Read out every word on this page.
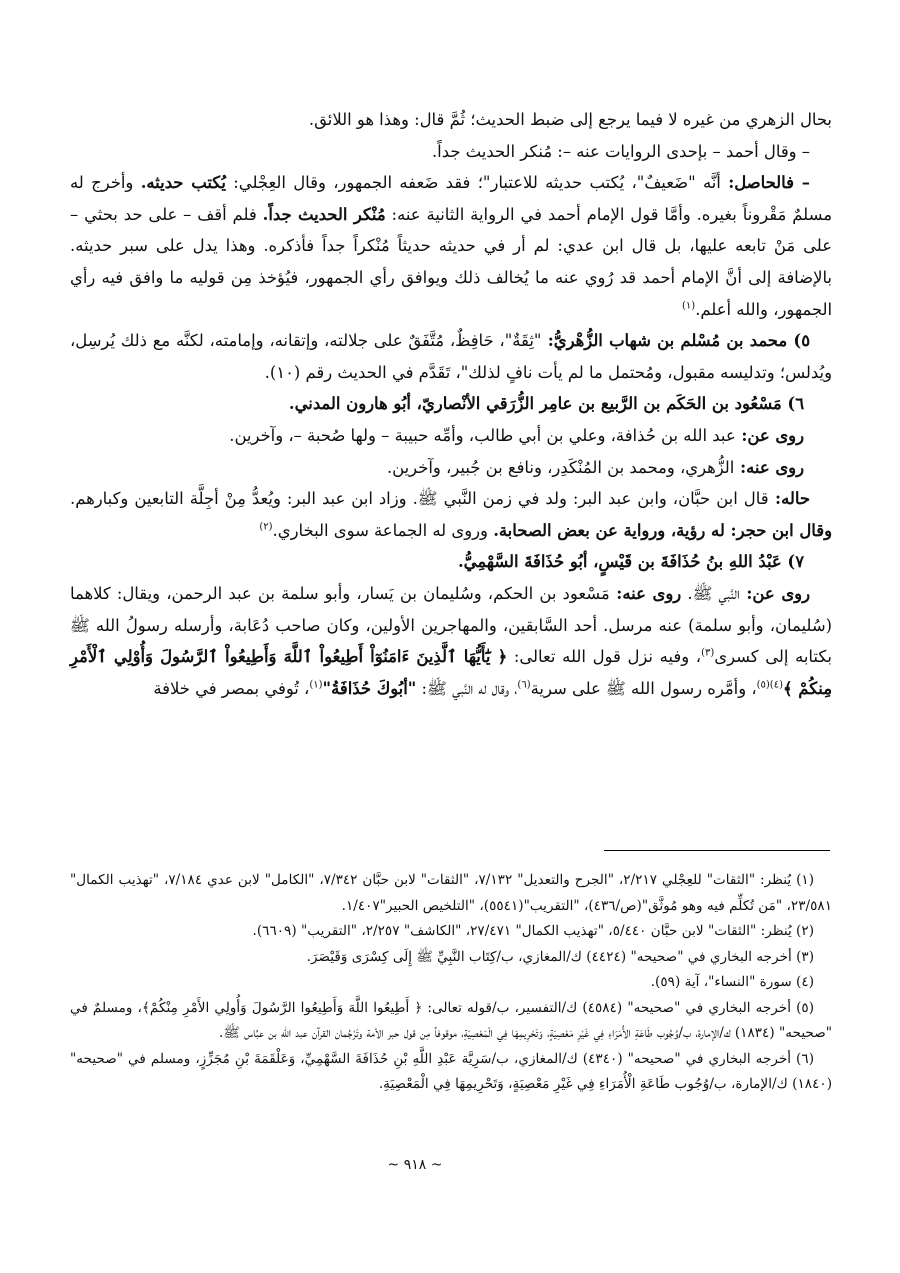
بحال الزهري من غيره لا فيما يرجع إلى ضبط الحديث؛ ثُمَّ قال: وهذا هو اللائق.

– وقال أحمد – بإحدى الروايات عنه –: مُنكر الحديث جداً.

– فالحاصل: أنَّه "ضَعيفٌ"، يُكتب حديثه للاعتبار"؛ فقد ضَعفه الجمهور، وقال العِجْلي: يُكتب حديثه. وأخرج له مسلمٌ مَقْروناً بغيره. وأمَّا قول الإمام أحمد في الرواية الثانية عنه: مُنْكر الحديث جداً. فلم أقف – على حد بحثي – على مَنْ تابعه عليها، بل قال ابن عدي: لم أر في حديثه حديثاً مُنْكراً جداً فأذكره. وهذا يدل على سبر حديثه. بالإضافة إلى أنَّ الإمام أحمد قد رُوي عنه ما يُخالف ذلك ويوافق رأي الجمهور، فيُؤخذ مِن قوليه ما وافق فيه رأي الجمهور، والله أعلم.$^{(١)}$

٥) محمد بن مُسْلم بن شهاب الزُّهْريُّ: "ثِقَةٌ"، حَافِظٌ، مُتَّفَقٌ على جلالته، وإتقانه، وإمامته، لكنَّه مع ذلك يُرسِل، ويُدلس؛ وتدليسه مقبول، ومُحتمل ما لم يأت نافٍ لذلك"، تَقَدَّم في الحديث رقم (١٠).

٦) مَسْعُود بن الحَكَم بن الرَّبيع بن عامِر الزُّرَقي الأنْصاريّ، أبُو هارون المدني.

روى عن: عبد الله بن حُذافة، وعلي بن أبي طالب، وأمِّه حبيبة – ولها صُحبة –، وآخرين.

روى عنه: الزُّهري، ومحمد بن المُنْكَدِر، ونافع بن جُبير، وآخرين.

حاله: قال ابن حبَّان، وابن عبد البر: ولد في زمن النَّبي ﷺ. وزاد ابن عبد البر: ويُعدُّ مِنْ أجِلَّة التابعين وكبارهم. وقال ابن حجر: له رؤية، ورواية عن بعض الصحابة. وروى له الجماعة سوى البخاري.$^{(٢)}$

٧) عَبْدُ اللهِ بنُ حُذَافَةَ بن قَيْسٍ، أبُو حُذَافَةَ السَّهْمِيُّ.

روى عن: النَّبي ﷺ. روى عنه: مَسْعود بن الحكم، وسُليمان بن يَسار، وأبو سلمة بن عبد الرحمن، ويقال: كلاهما (سُليمان، وأبو سلمة) عنه مرسل. أحد السَّابقين، والمهاجرين الأولين، وكان صاحب دُعَابة، وأرسله رسولُ الله ﷺ بكتابه إلى كسرى$^{(٣)}$، وفيه نزل قول الله تعالى: ﴿ يَٰٓأَيُّهَا ٱلَّذِينَ ءَامَنُوٓاْ أَطِيعُواْ ٱللَّهَ وَأَطِيعُواْ ٱلرَّسُولَ وَأُوْلِي ٱلْأَمْرِ مِنكُمْ ﴾$^{(٤)(٥)}$، وأمَّره رسول الله ﷺ على سرية$^{(٦)}$، وقال له النَّبي ﷺ: "أبُوكَ حُذَافَةُ"$^{(١)}$، تُوفي بمصر في خلافة

(١) يُنظر: "الثقات" للعِجْلي ٢/٢١٧، "الجرح والتعديل" ٧/١٣٢، "الثقات" لابن حبَّان ٧/٣٤٢، "الكامل" لابن عدي ٧/١٨٤، "تهذيب الكمال" ٢٣/٥٨١، "مَن تُكلِّم فيه وهو مُوثَّق"(ص/٤٣٦)، "التقريب"(٥٥٤١)، "التلخيص الحبير"١/٤٠٧.

(٢) يُنظر: "الثقات" لابن حبَّان ٥/٤٤٠، "تهذيب الكمال" ٢٧/٤٧١، "الكاشف" ٢/٢٥٧، "التقريب" (٦٦٠٩).

(٣) أخرجه البخاري في "صحيحه" (٤٤٢٤) ك/المغازي، ب/كِتَاب النَّبِيِّ ﷺ إِلَى كِسْرَى وَقَيْصَرَ.

(٤) سورة "النساء"، آية (٥٩).

(٥) أخرجه البخاري في "صحيحه" (٤٥٨٤) ك/التفسير، ب/قوله تعالى: ﴿ أَطِيعُوا اللَّهَ وَأَطِيعُوا الرَّسُولَ وَأُولِي الأَمْرِ مِنْكُمْ﴾، ومسلمٌ في "صحيحه" (١٨٣٤) ك/الإمارة، ب/وُجُوب طَاعَةِ الأُمَرَاءِ فِي غَيْرِ مَعْصِيَةٍ، وَتَحْرِيمِهَا فِي الْمَعْصِيَةِ، موقوفاً مِن قول حبر الأمة وتَرْجُمان القرآن عبد الله بن عبَّاس ﷺ.

(٦) أخرجه البخاري في "صحيحه" (٤٣٤٠) ك/المغازي، ب/سَرِيَّة عَبْدِ اللَّهِ بْنِ حُذَافَةَ السَّهْمِيِّ، وَعَلْقَمَةَ بْنِ مُجَزِّزٍ، ومسلم في "صحيحه" (١٨٤٠) ك/الإمارة، ب/وُجُوب طَاعَةِ الْأُمَرَاءِ فِي غَيْرِ مَعْصِيَةٍ، وَتَحْرِيمِهَا فِي الْمَعْصِيَةِ.

~ ٩١٨ ~
